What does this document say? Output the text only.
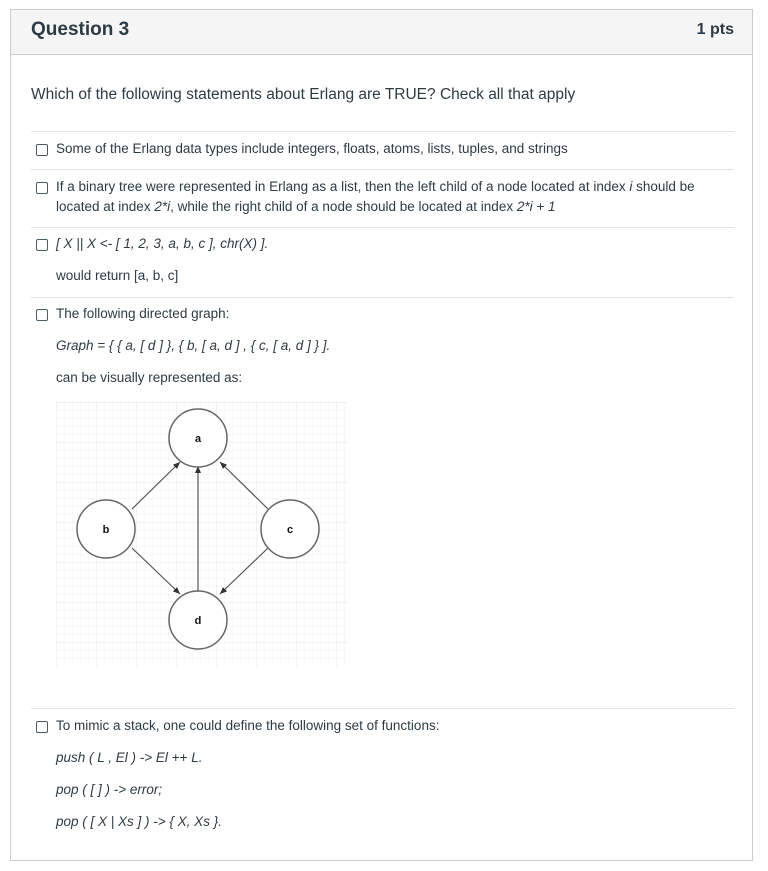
Question 3	1 pts
Which of the following statements about Erlang are TRUE? Check all that apply
Some of the Erlang data types include integers, floats, atoms, lists, tuples, and strings
If a binary tree were represented in Erlang as a list, then the left child of a node located at index i should be
located at index 2*i, while the right child of a node should be located at index 2*i + 1
[ X || X <- [ 1, 2, 3, a, b, c ], chr(X) ].
would return [a, b, c]
The following directed graph:
Graph = { { a, [ d ] }, { b, [ a, d ] , { c, [ a, d ] } ].
can be visually represented as:
a
b	c
d
To mimic a stack, one could define the following set of functions:
push ( L , El ) -> El ++ L.
pop ( [ ] ) -> error;
pop ( [ X | Xs ] ) -> { X, Xs }.
